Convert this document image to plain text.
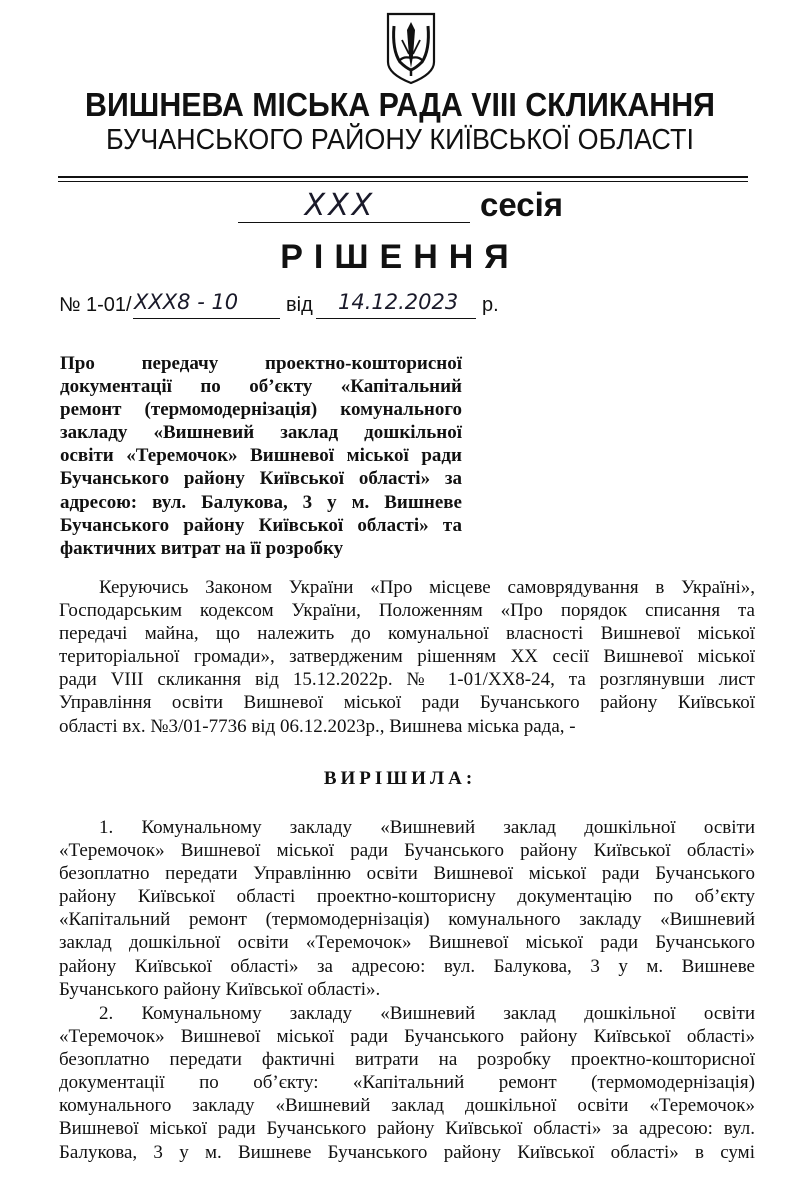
ВИШНЕВА МІСЬКА РАДА VIII СКЛИКАННЯ
БУЧАНСЬКОГО РАЙОНУ КИЇВСЬКОЇ ОБЛАСТІ
XXX	сесія
РІШЕННЯ
№ 1-01/ XXX8 - 10	від 14.12.2023	р.
Про передачу проектно-кошторисної
документації по об’єкту «Капітальний
ремонт (термомодернізація) комунального
закладу «Вишневий заклад дошкільної
освіти «Теремочок» Вишневої міської ради
Бучанського району Київської області» за
адресою: вул. Балукова, 3 у м. Вишневе
Бучанського району Київської області» та
фактичних витрат на її розробку
Керуючись Законом України «Про місцеве самоврядування в Україні»,
Господарським кодексом України, Положенням «Про порядок списання та
передачі майна, що належить до комунальної власності Вишневої міської
територіальної громади», затвердженим рішенням XX сесії Вишневої міської
ради VIII скликання від 15.12.2022р. № 1-01/XX8-24, та розглянувши лист
Управління освіти Вишневої міської ради Бучанського району Київської
області вх. №3/01-7736 від 06.12.2023р., Вишнева міська рада, -
ВИРІШИЛА:
1. Комунальному закладу «Вишневий заклад дошкільної освіти
«Теремочок» Вишневої міської ради Бучанського району Київської області»
безоплатно передати Управлінню освіти Вишневої міської ради Бучанського
району Київської області проектно-кошторисну документацію по об’єкту
«Капітальний ремонт (термомодернізація) комунального закладу «Вишневий
заклад дошкільної освіти «Теремочок» Вишневої міської ради Бучанського
району Київської області» за адресою: вул. Балукова, 3 у м. Вишневе
Бучанського району Київської області».
2. Комунальному закладу «Вишневий заклад дошкільної освіти
«Теремочок» Вишневої міської ради Бучанського району Київської області»
безоплатно передати фактичні витрати на розробку проектно-кошторисної
документації по об’єкту: «Капітальний ремонт (термомодернізація)
комунального закладу «Вишневий заклад дошкільної освіти «Теремочок»
Вишневої міської ради Бучанського району Київської області» за адресою: вул.
Балукова, 3 у м. Вишневе Бучанського району Київської області» в сумі
